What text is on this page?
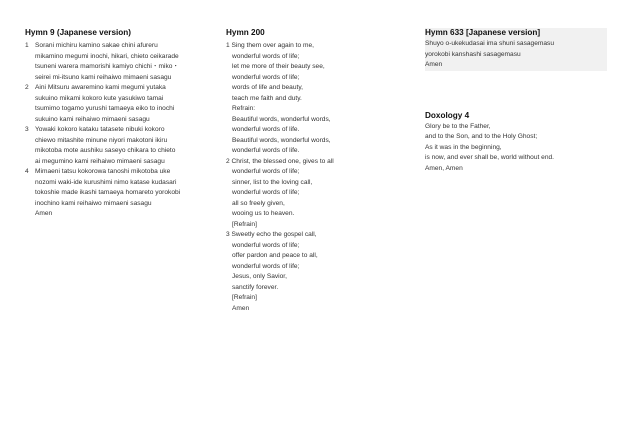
Hymn 9 (Japanese version)
1 Sorani michiru kamino sakae chini afureru
mikamino megumi inochi, hikari, chieto ceikarade
tsuneni warera mamorishi kamiyo chichi・miko・
seirei mi-itsuno kami reihaiwo mimaeni sasagu
2 Aini Mitsuru awaremino kami megumi yutaka
sukuino mikami kokoro kute yasukiwo tamai
tsumimo togamo yurushi tamaeya eiko to inochi
sukuino kami reihaiwo mimaeni sasagu
3 Yowaki kokoro kataku tatasete nibuki kokoro
chiewo mitashite minune niyori makotoni ikiru
mikotoba mote aushiku saseyo chikara to chieto
ai megumino kami reihaiwo mimaeni sasagu
4 Mimaeni tatsu kokorowa tanoshi mikotoba uke
nozomi waki-ide kurushimi nimo katase kudasari
tokoshie made ikashi tamaeya homareto yorokobi
inochino kami reihaiwo mimaeni sasagu
Amen
Hymn 200
1 Sing them over again to me,
wonderful words of life;
let me more of their beauty see,
wonderful words of life;
words of life and beauty,
teach me faith and duty.
Refrain:
Beautiful words, wonderful words,
wonderful words of life.
Beautiful words, wonderful words,
wonderful words of life.
2 Christ, the blessed one, gives to all
wonderful words of life;
sinner, list to the loving call,
wonderful words of life;
all so freely given,
wooing us to heaven.
[Refrain]
3 Sweetly echo the gospel call,
wonderful words of life;
offer pardon and peace to all,
wonderful words of life;
Jesus, only Savior,
sanctify forever.
[Refrain]
Amen
Hymn 633 [Japanese version]
Shuyo o-ukekudasai ima shuni sasagemasu
yorokobi kanshashi sasagemasu
Amen
Doxology 4
Glory be to the Father,
and to the Son, and to the Holy Ghost;
As it was in the beginning,
is now, and ever shall be, world without end.
Amen, Amen
